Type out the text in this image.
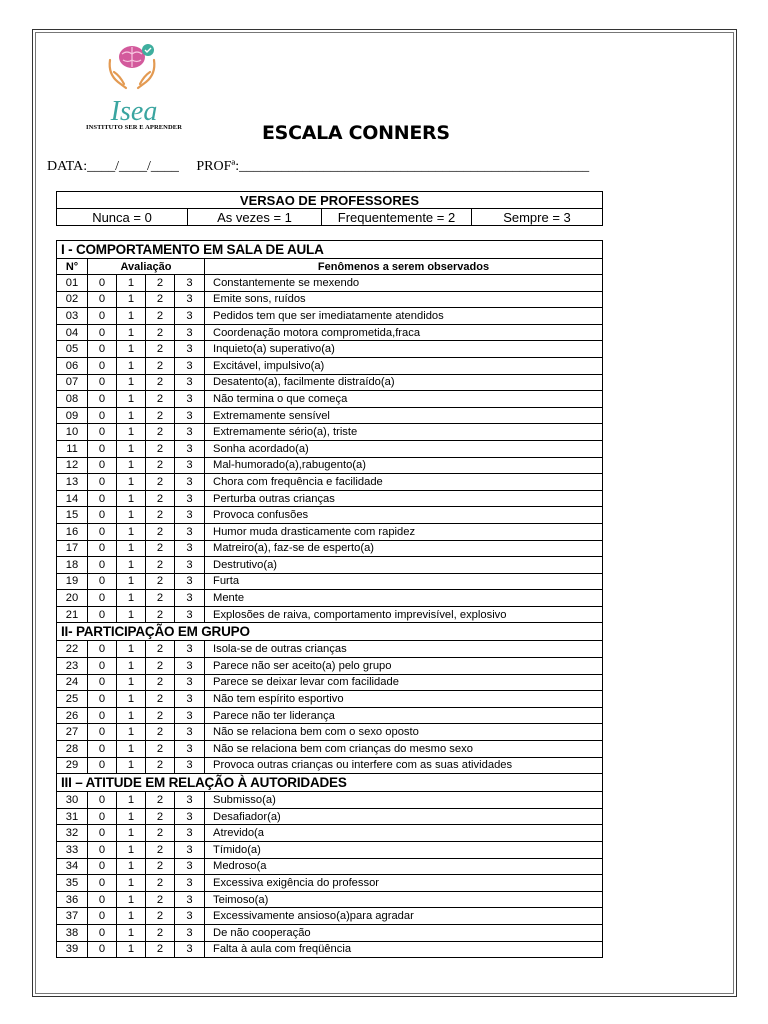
Isea
INSTITUTO SER E APRENDER	ESCALA CONNERS
DATA:____/____/____     PROFª:__________________________________________________
VERSAO DE PROFESSORES
Nunca = 0	As vezes = 1	Frequentemente = 2	Sempre = 3
I - COMPORTAMENTO EM SALA DE AULA					
N°	Avaliação				Fenômenos a serem observados
01	0	1	2	3	Constantemente se mexendo
02	0	1	2	3	Emite sons, ruídos
03	0	1	2	3	Pedidos tem que ser imediatamente atendidos
04	0	1	2	3	Coordenação motora comprometida,fraca
05	0	1	2	3	Inquieto(a) superativo(a)
06	0	1	2	3	Excitável, impulsivo(a)
07	0	1	2	3	Desatento(a), facilmente distraído(a)
08	0	1	2	3	Não termina o que começa
09	0	1	2	3	Extremamente sensível
10	0	1	2	3	Extremamente sério(a), triste
11	0	1	2	3	Sonha acordado(a)
12	0	1	2	3	Mal-humorado(a),rabugento(a)
13	0	1	2	3	Chora com frequência e facilidade
14	0	1	2	3	Perturba outras crianças
15	0	1	2	3	Provoca confusões
16	0	1	2	3	Humor muda drasticamente com rapidez
17	0	1	2	3	Matreiro(a), faz-se de esperto(a)
18	0	1	2	3	Destrutivo(a)
19	0	1	2	3	Furta
20	0	1	2	3	Mente
21	0	1	2	3	Explosões de raiva, comportamento imprevisível, explosivo
II- PARTICIPAÇÃO EM GRUPO					
22	0	1	2	3	Isola-se de outras crianças
23	0	1	2	3	Parece não ser aceito(a) pelo grupo
24	0	1	2	3	Parece se deixar levar com facilidade
25	0	1	2	3	Não tem espírito esportivo
26	0	1	2	3	Parece não ter liderança
27	0	1	2	3	Não se relaciona bem com o sexo oposto
28	0	1	2	3	Não se relaciona bem com crianças do mesmo sexo
29	0	1	2	3	Provoca outras crianças ou interfere com as suas atividades
III – ATITUDE EM RELAÇÃO À AUTORIDADES					
30	0	1	2	3	Submisso(a)
31	0	1	2	3	Desafiador(a)
32	0	1	2	3	Atrevido(a
33	0	1	2	3	Tímido(a)
34	0	1	2	3	Medroso(a
35	0	1	2	3	Excessiva exigência do professor
36	0	1	2	3	Teimoso(a)
37	0	1	2	3	Excessivamente ansioso(a)para agradar
38	0	1	2	3	De não cooperação
39	0	1	2	3	Falta à aula com freqüência
